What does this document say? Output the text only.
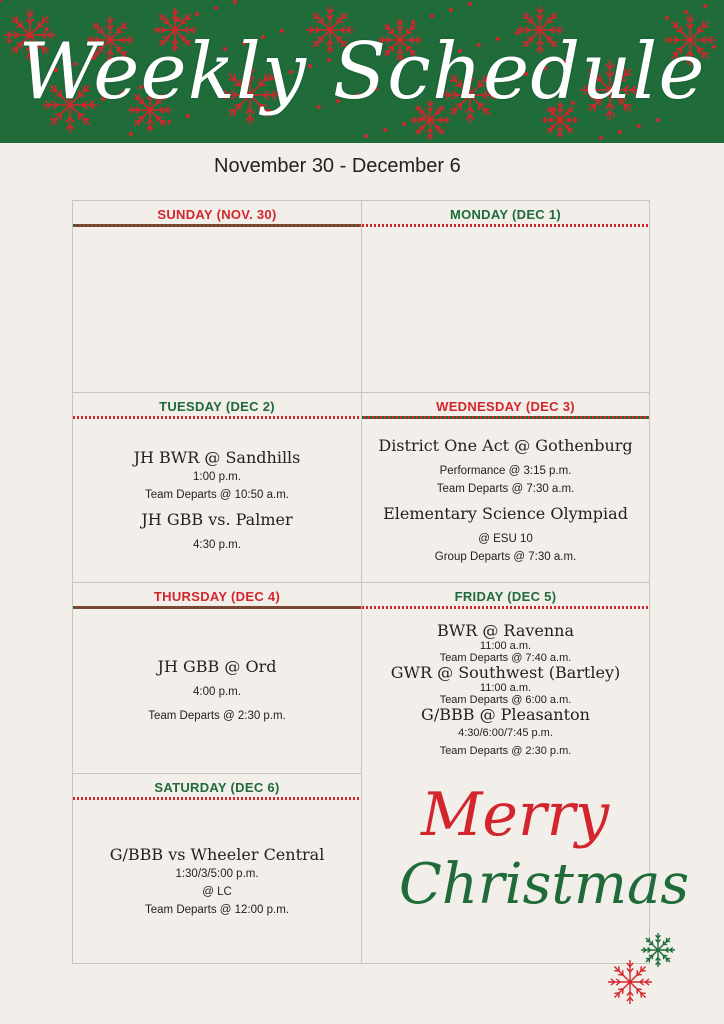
Weekly Schedule
November 30 - December 6
SUNDAY (NOV. 30)	MONDAY (DEC 1)
TUESDAY (DEC 2)
JH BWR @ Sandhills
1:00 p.m.
Team Departs @ 10:50 a.m.
JH GBB vs. Palmer
4:30 p.m.
WEDNESDAY (DEC 3)
District One Act @ Gothenburg
Performance @ 3:15 p.m.
Team Departs @ 7:30 a.m.
Elementary Science Olympiad
@ ESU 10
Group Departs @ 7:30 a.m.
THURSDAY (DEC 4)
JH GBB @ Ord
4:00 p.m.
Team Departs @ 2:30 p.m.
FRIDAY (DEC 5)
BWR @ Ravenna
11:00 a.m.
Team Departs @ 7:40 a.m.
GWR @ Southwest (Bartley)
11:00 a.m.
Team Departs @ 6:00 a.m.
G/BBB @ Pleasanton
4:30/6:00/7:45 p.m.
Team Departs @ 2:30 p.m.
SATURDAY (DEC 6)
G/BBB vs Wheeler Central
1:30/3/5:00 p.m.
@ LC
Team Departs @ 12:00 p.m.
Merry
Christmas
